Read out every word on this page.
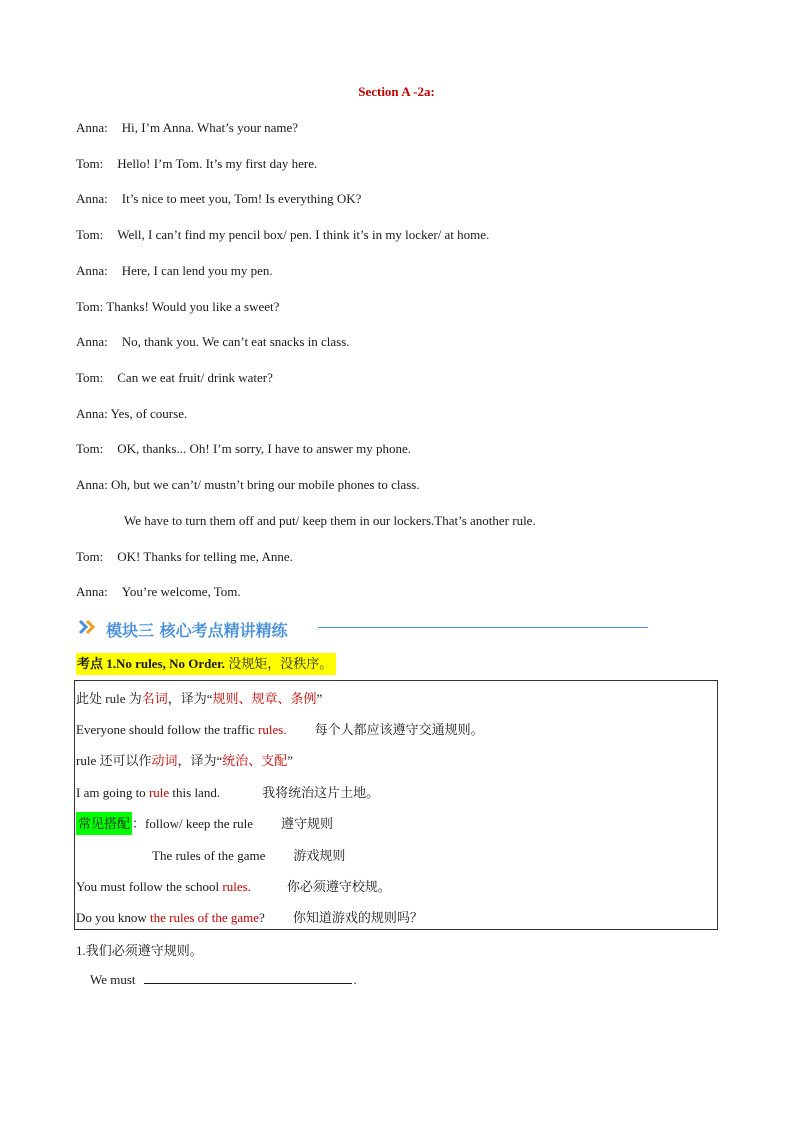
Section A -2a:
Anna: Hi, I’m Anna. What’s your name?
Tom: Hello! I’m Tom. It’s my first day here.
Anna: It’s nice to meet you, Tom! Is everything OK?
Tom: Well, I can’t find my pencil box/ pen. I think it’s in my locker/ at home.
Anna: Here, I can lend you my pen.
Tom: Thanks! Would you like a sweet?
Anna: No, thank you. We can’t eat snacks in class.
Tom: Can we eat fruit/ drink water?
Anna: Yes, of course.
Tom: OK, thanks... Oh! I’m sorry, I have to answer my phone.
Anna: Oh, but we can’t/ mustn’t bring our mobile phones to class.
We have to turn them off and put/ keep them in our lockers.That’s another rule.
Tom: OK! Thanks for telling me, Anne.
Anna: You’re welcome, Tom.
模块三 核心考点精讲精练
考点 1.No rules, No Order. 没规矩，没秩序。
此处 rule 为名词，译为“规则、规章、条例”
Everyone should follow the traffic rules. 每个人都应该遵守交通规则。
rule 还可以作动词，译为“统治、支配”
I am going to rule this land.	我将统治这片土地。
常见搭配 ：follow/ keep the rule 遵守规则
The rules of the game 游戏规则
You must follow the school rules.	你必须遵守校规。
Do you know the rules of the game? 你知道游戏的规则吗？
1.我们必须遵守规则。
We must	.
